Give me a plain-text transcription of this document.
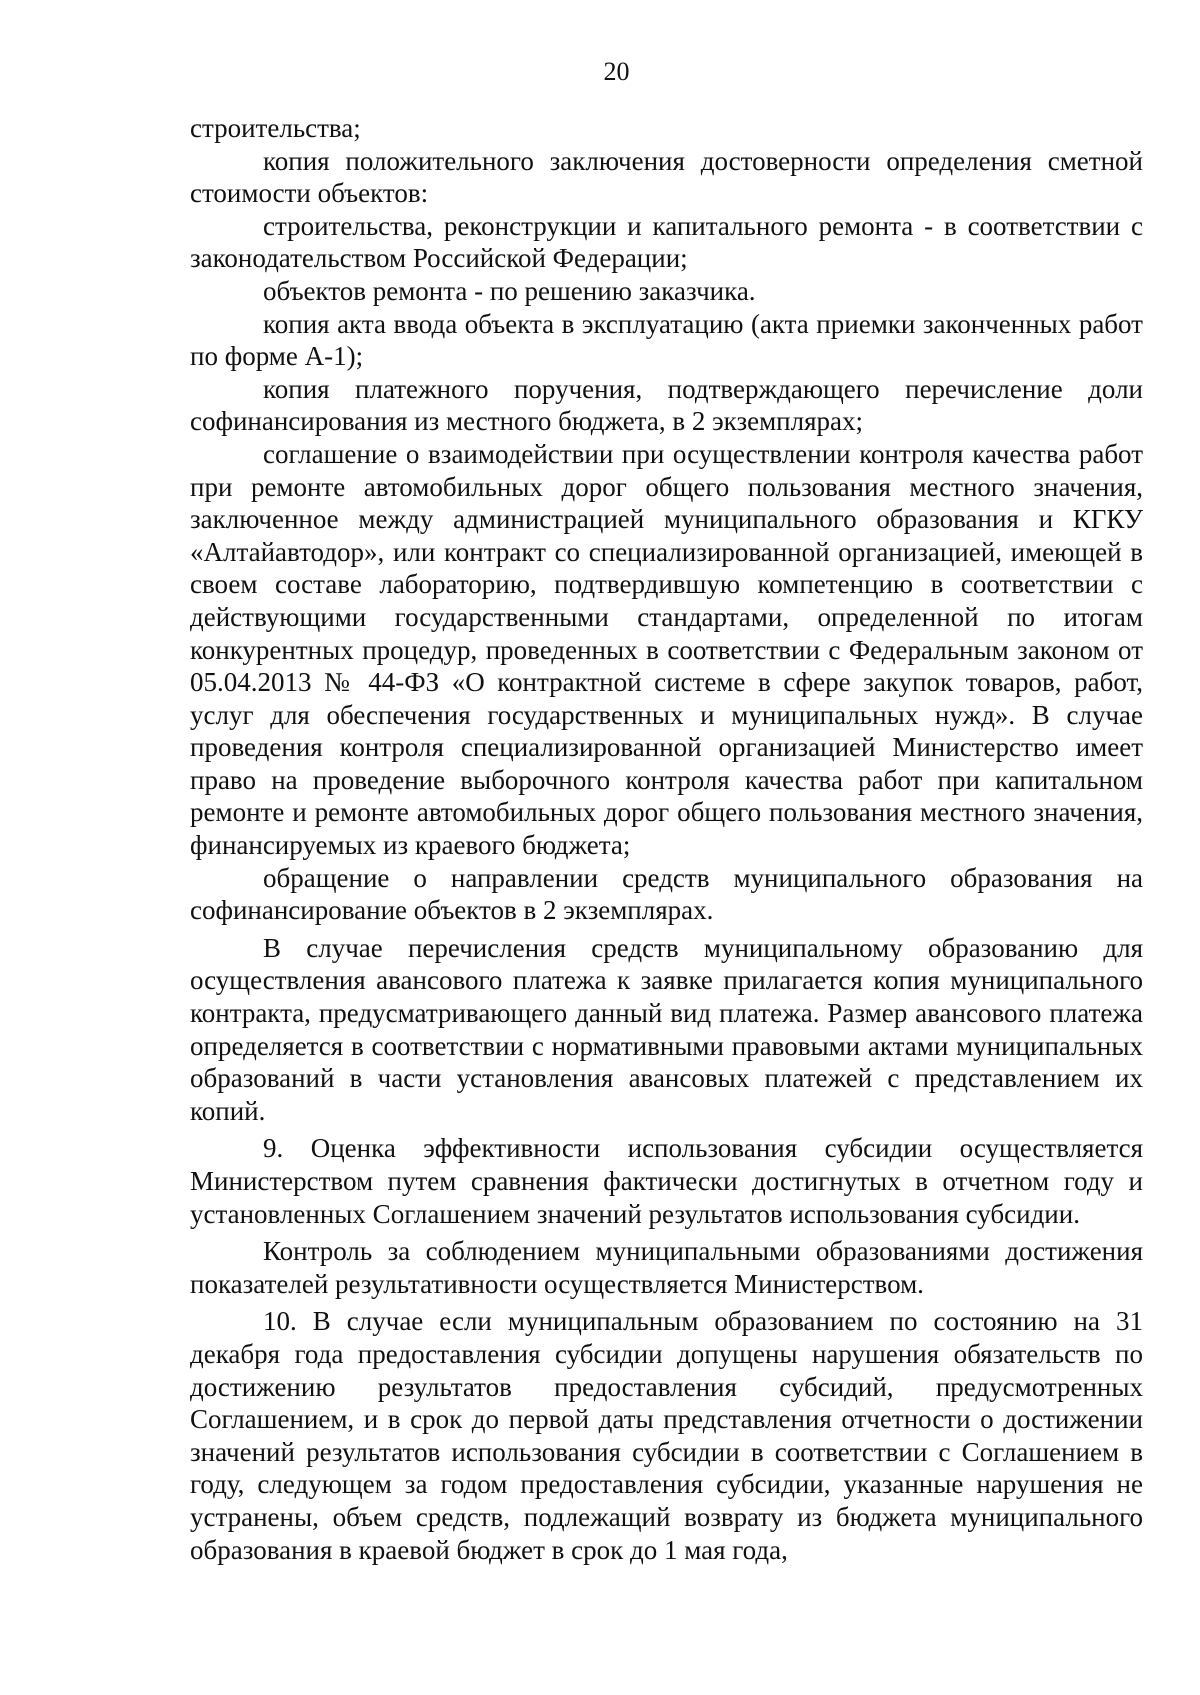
20

строительства;

копия положительного заключения достоверности определения сметной стоимости объектов:

строительства, реконструкции и капитального ремонта - в соответствии с законодательством Российской Федерации;

объектов ремонта - по решению заказчика.

копия акта ввода объекта в эксплуатацию (акта приемки законченных работ по форме А-1);

копия платежного поручения, подтверждающего перечисление доли софинансирования из местного бюджета, в 2 экземплярах;

соглашение о взаимодействии при осуществлении контроля качества работ при ремонте автомобильных дорог общего пользования местного значения, заключенное между администрацией муниципального образования и КГКУ «Алтайавтодор», или контракт со специализированной организацией, имеющей в своем составе лабораторию, подтвердившую компетенцию в соответствии с действующими государственными стандартами, определенной по итогам конкурентных процедур, проведенных в соответствии с Федеральным законом от 05.04.2013 № 44-ФЗ «О контрактной системе в сфере закупок товаров, работ, услуг для обеспечения государственных и муниципальных нужд». В случае проведения контроля специализированной организацией Министерство имеет право на проведение выборочного контроля качества работ при капитальном ремонте и ремонте автомобильных дорог общего пользования местного значения, финансируемых из краевого бюджета;

обращение о направлении средств муниципального образования на софинансирование объектов в 2 экземплярах.

В случае перечисления средств муниципальному образованию для осуществления авансового платежа к заявке прилагается копия муниципального контракта, предусматривающего данный вид платежа. Размер авансового платежа определяется в соответствии с нормативными правовыми актами муниципальных образований в части установления авансовых платежей с представлением их копий.

9. Оценка эффективности использования субсидии осуществляется Министерством путем сравнения фактически достигнутых в отчетном году и установленных Соглашением значений результатов использования субсидии.

Контроль за соблюдением муниципальными образованиями достижения показателей результативности осуществляется Министерством.

10. В случае если муниципальным образованием по состоянию на 31 декабря года предоставления субсидии допущены нарушения обязательств по достижению результатов предоставления субсидий, предусмотренных Соглашением, и в срок до первой даты представления отчетности о достижении значений результатов использования субсидии в соответствии с Соглашением в году, следующем за годом предоставления субсидии, указанные нарушения не устранены, объем средств, подлежащий возврату из бюджета муниципального образования в краевой бюджет в срок до 1 мая года,
